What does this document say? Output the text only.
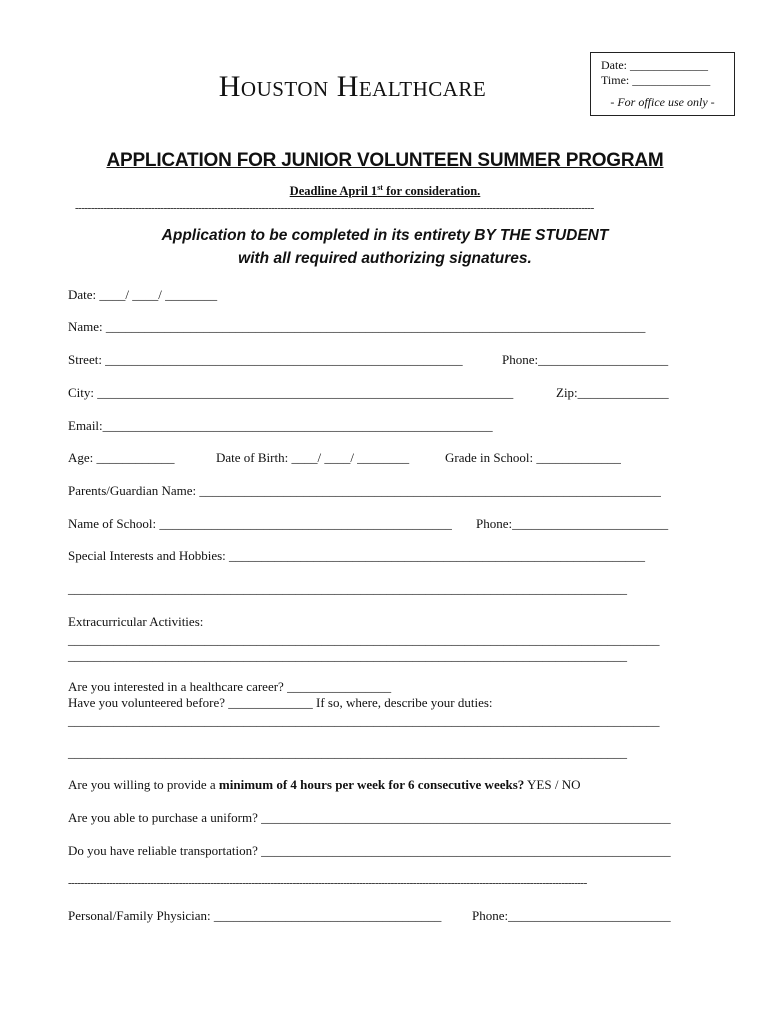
Date: _____________
Time: _____________
- For office use only -
Houston Healthcare
APPLICATION FOR JUNIOR VOLUNTEEN SUMMER PROGRAM
Deadline April 1st for consideration.
--------------------------------------------------------------------------------------------------------------------------------------------------------------------
Application to be completed in its entirety BY THE STUDENT
with all required authorizing signatures.
Date: ____/ ____/ ________
Name: ___________________________________________________________________________________
Street: _______________________________________________________	Phone:____________________
City: ________________________________________________________________	Zip:______________
Email:____________________________________________________________
Age: ____________	Date of Birth: ____/ ____/ ________	Grade in School: _____________
Parents/Guardian Name: _______________________________________________________________________
Name of School: _____________________________________________ Phone:________________________
Special Interests and Hobbies: ________________________________________________________________
______________________________________________________________________________________
Extracurricular Activities:
___________________________________________________________________________________________
______________________________________________________________________________________
Are you interested in a healthcare career? ________________
Have you volunteered before? _____________ If so, where, describe your duties:
___________________________________________________________________________________________
______________________________________________________________________________________
Are you willing to provide a minimum of 4 hours per week for 6 consecutive weeks? YES / NO
Are you able to purchase a uniform? _______________________________________________________________
Do you have reliable transportation? _______________________________________________________________
--------------------------------------------------------------------------------------------------------------------------------------------------------------------
Personal/Family Physician: ___________________________________ Phone:_________________________
